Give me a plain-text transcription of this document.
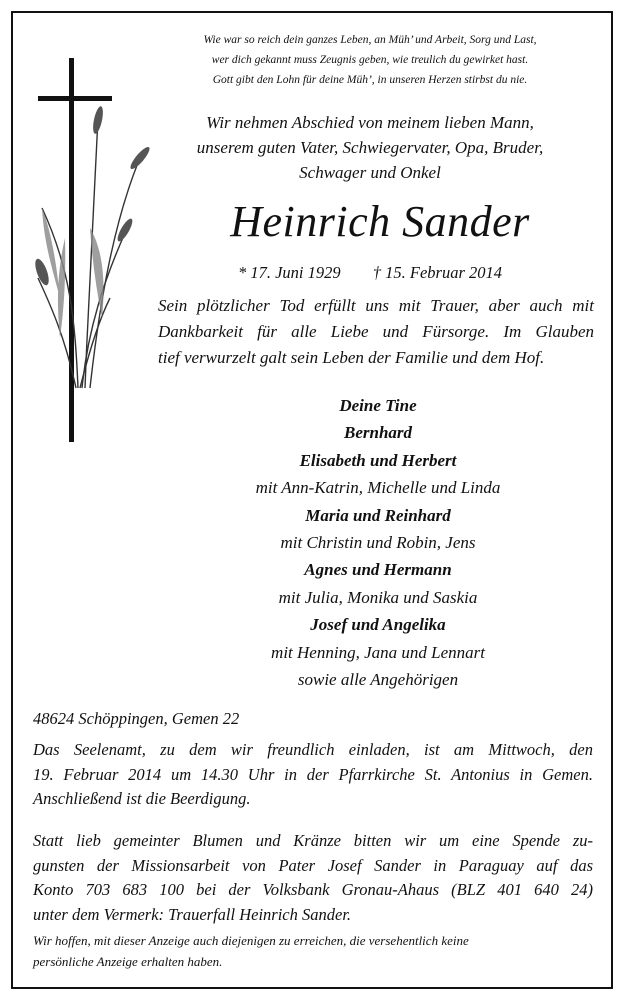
Wie war so reich dein ganzes Leben, an Müh’ und Arbeit, Sorg und Last,
wer dich gekannt muss Zeugnis geben, wie treulich du gewirket hast.
Gott gibt den Lohn für deine Müh’, in unseren Herzen stirbst du nie.
Wir nehmen Abschied von meinem lieben Mann,
unserem guten Vater, Schwiegervater, Opa, Bruder,
Schwager und Onkel
Heinrich Sander
* 17. Juni 1929 † 15. Februar 2014
Sein plötzlicher Tod erfüllt uns mit Trauer, aber auch mit
Dankbarkeit für alle Liebe und Fürsorge. Im Glauben
tief verwurzelt galt sein Leben der Familie und dem Hof.
Deine Tine
Bernhard
Elisabeth und Herbert
mit Ann-Katrin, Michelle und Linda
Maria und Reinhard
mit Christin und Robin, Jens
Agnes und Hermann
mit Julia, Monika und Saskia
Josef und Angelika
mit Henning, Jana und Lennart
sowie alle Angehörigen
48624 Schöppingen, Gemen 22
Das Seelenamt, zu dem wir freundlich einladen, ist am Mittwoch, den
19. Februar 2014 um 14.30 Uhr in der Pfarrkirche St. Antonius in Gemen.
Anschließend ist die Beerdigung.
Statt lieb gemeinter Blumen und Kränze bitten wir um eine Spende zu-
gunsten der Missionsarbeit von Pater Josef Sander in Paraguay auf das
Konto 703 683 100 bei der Volksbank Gronau-Ahaus (BLZ 401 640 24)
unter dem Vermerk: Trauerfall Heinrich Sander.
Wir hoffen, mit dieser Anzeige auch diejenigen zu erreichen, die versehentlich keine
persönliche Anzeige erhalten haben.
